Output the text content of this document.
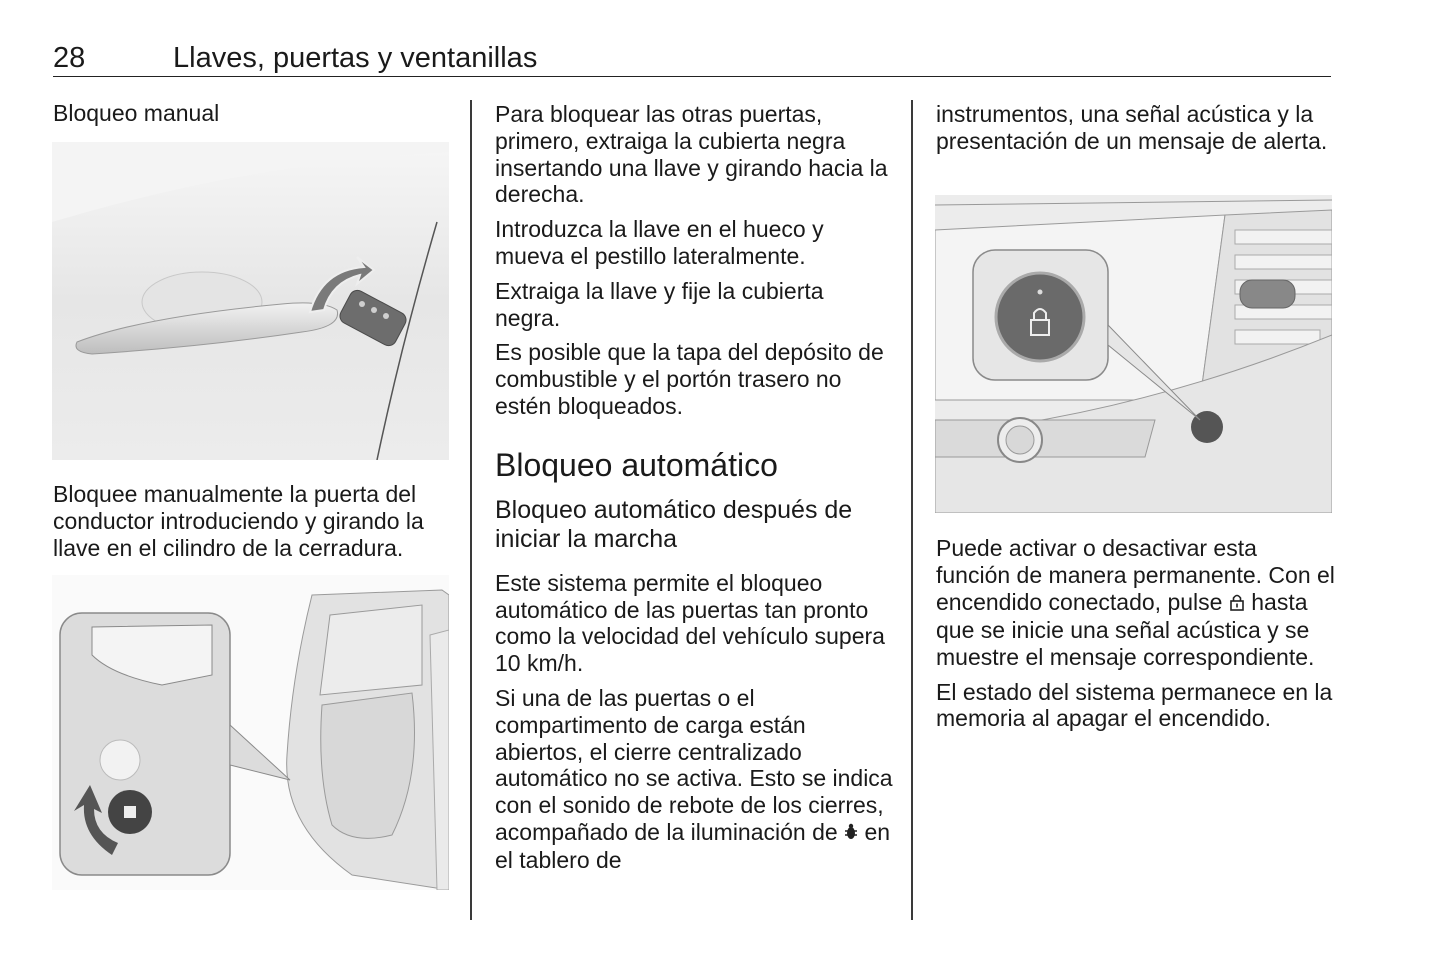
28	Llaves, puertas y ventanillas

Bloqueo manual

Bloquee manualmente la puerta del conductor introduciendo y girando la llave en el cilindro de la cerradura.

Para bloquear las otras puertas, primero, extraiga la cubierta negra insertando una llave y girando hacia la derecha.

Introduzca la llave en el hueco y mueva el pestillo lateralmente.

Extraiga la llave y fije la cubierta negra.

Es posible que la tapa del depósito de combustible y el portón trasero no estén bloqueados.

Bloqueo automático
Bloqueo automático después de iniciar la marcha

Este sistema permite el bloqueo automático de las puertas tan pronto como la velocidad del vehículo supera 10 km/h.

Si una de las puertas o el compartimento de carga están abiertos, el cierre centralizado automático no se activa. Esto se indica con el sonido de rebote de los cierres, acompañado de la iluminación de en el tablero de

instrumentos, una señal acústica y la presentación de un mensaje de alerta.

Puede activar o desactivar esta función de manera permanente. Con el encendido conectado, pulse hasta que se inicie una señal acústica y se muestre el mensaje correspondiente.

El estado del sistema permanece en la memoria al apagar el encendido.
